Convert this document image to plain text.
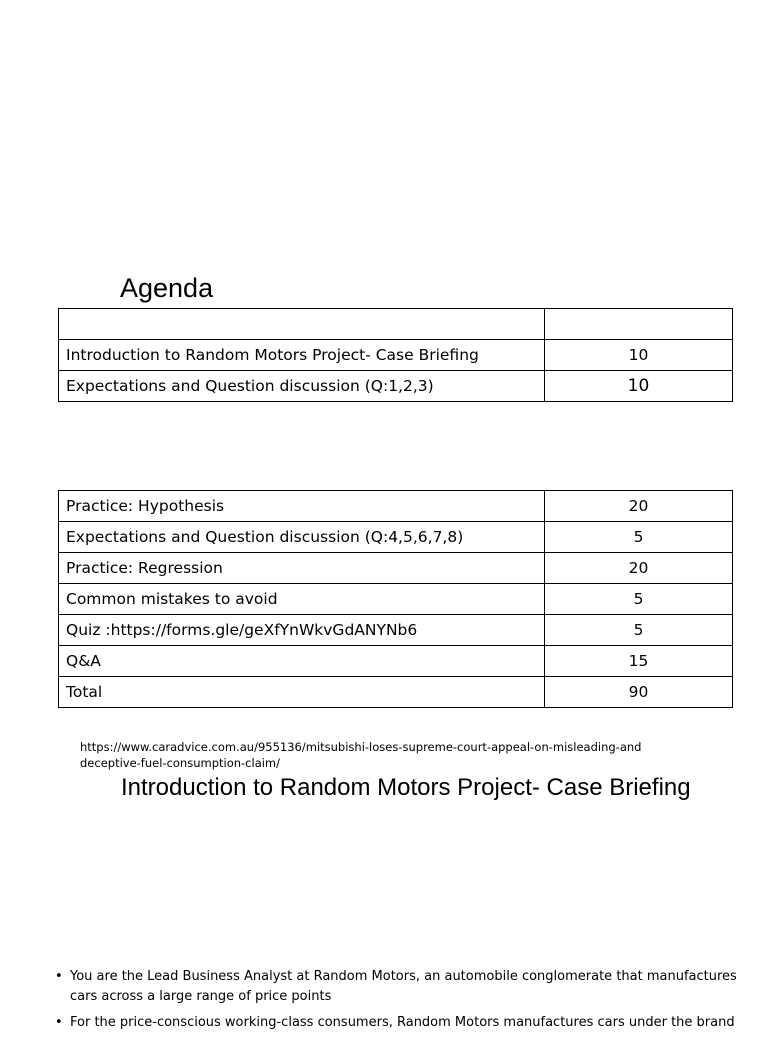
Agenda

Introduction to Random Motors Project- Case Briefing	10
Expectations and Question discussion (Q:1,2,3)	10
Practice: Hypothesis	20
Expectations and Question discussion (Q:4,5,6,7,8)	5
Practice: Regression	20
Common mistakes to avoid	5
Quiz :https://forms.gle/geXfYnWkvGdANYNb6	5
Q&A	15
Total	90
https://www.caradvice.com.au/955136/mitsubishi-loses-supreme-court-appeal-on-misleading-and deceptive-fuel-consumption-claim/
Introduction to Random Motors Project- Case Briefing
• You are the Lead Business Analyst at Random Motors, an automobile conglomerate that manufactures cars across a large range of price points
• For the price-conscious working-class consumers, Random Motors manufactures cars under the brand
